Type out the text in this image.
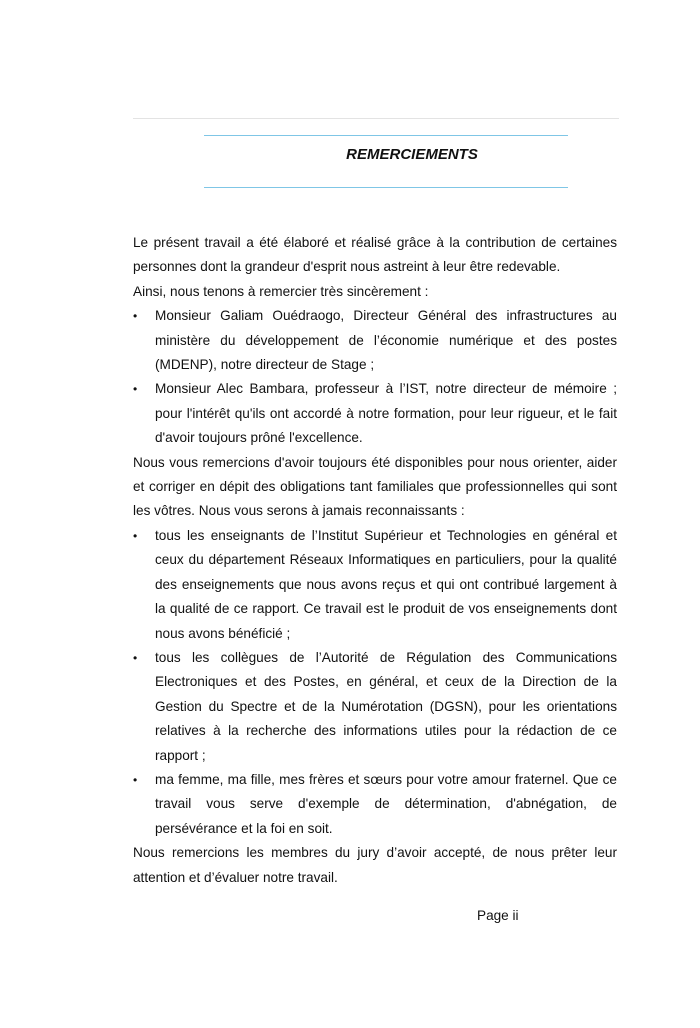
REMERCIEMENTS

Le présent travail a été élaboré et réalisé grâce à la contribution de certaines personnes dont la grandeur d'esprit nous astreint à leur être redevable.

Ainsi, nous tenons à remercier très sincèrement :

• Monsieur Galiam Ouédraogo, Directeur Général des infrastructures au ministère du développement de l’économie numérique et des postes (MDENP), notre directeur de Stage ;
• Monsieur Alec Bambara, professeur à l’IST, notre directeur de mémoire ; pour l'intérêt qu'ils ont accordé à notre formation, pour leur rigueur, et le fait d'avoir toujours prôné l'excellence.

Nous vous remercions d'avoir toujours été disponibles pour nous orienter, aider et corriger en dépit des obligations tant familiales que professionnelles qui sont les vôtres. Nous vous serons à jamais reconnaissants :

• tous les enseignants de l’Institut Supérieur et Technologies en général et ceux du département Réseaux Informatiques en particuliers, pour la qualité des enseignements que nous avons reçus et qui ont contribué largement à la qualité de ce rapport. Ce travail est le produit de vos enseignements dont nous avons bénéficié ;
• tous les collègues de l’Autorité de Régulation des Communications Electroniques et des Postes, en général, et ceux de la Direction de la Gestion du Spectre et de la Numérotation (DGSN), pour les orientations relatives à la recherche des informations utiles pour la rédaction de ce rapport ;
• ma femme, ma fille, mes frères et sœurs pour votre amour fraternel. Que ce travail vous serve d'exemple de détermination, d'abnégation, de persévérance et la foi en soit.

Nous remercions les membres du jury d’avoir accepté, de nous prêter leur attention et d’évaluer notre travail.

Page ii
